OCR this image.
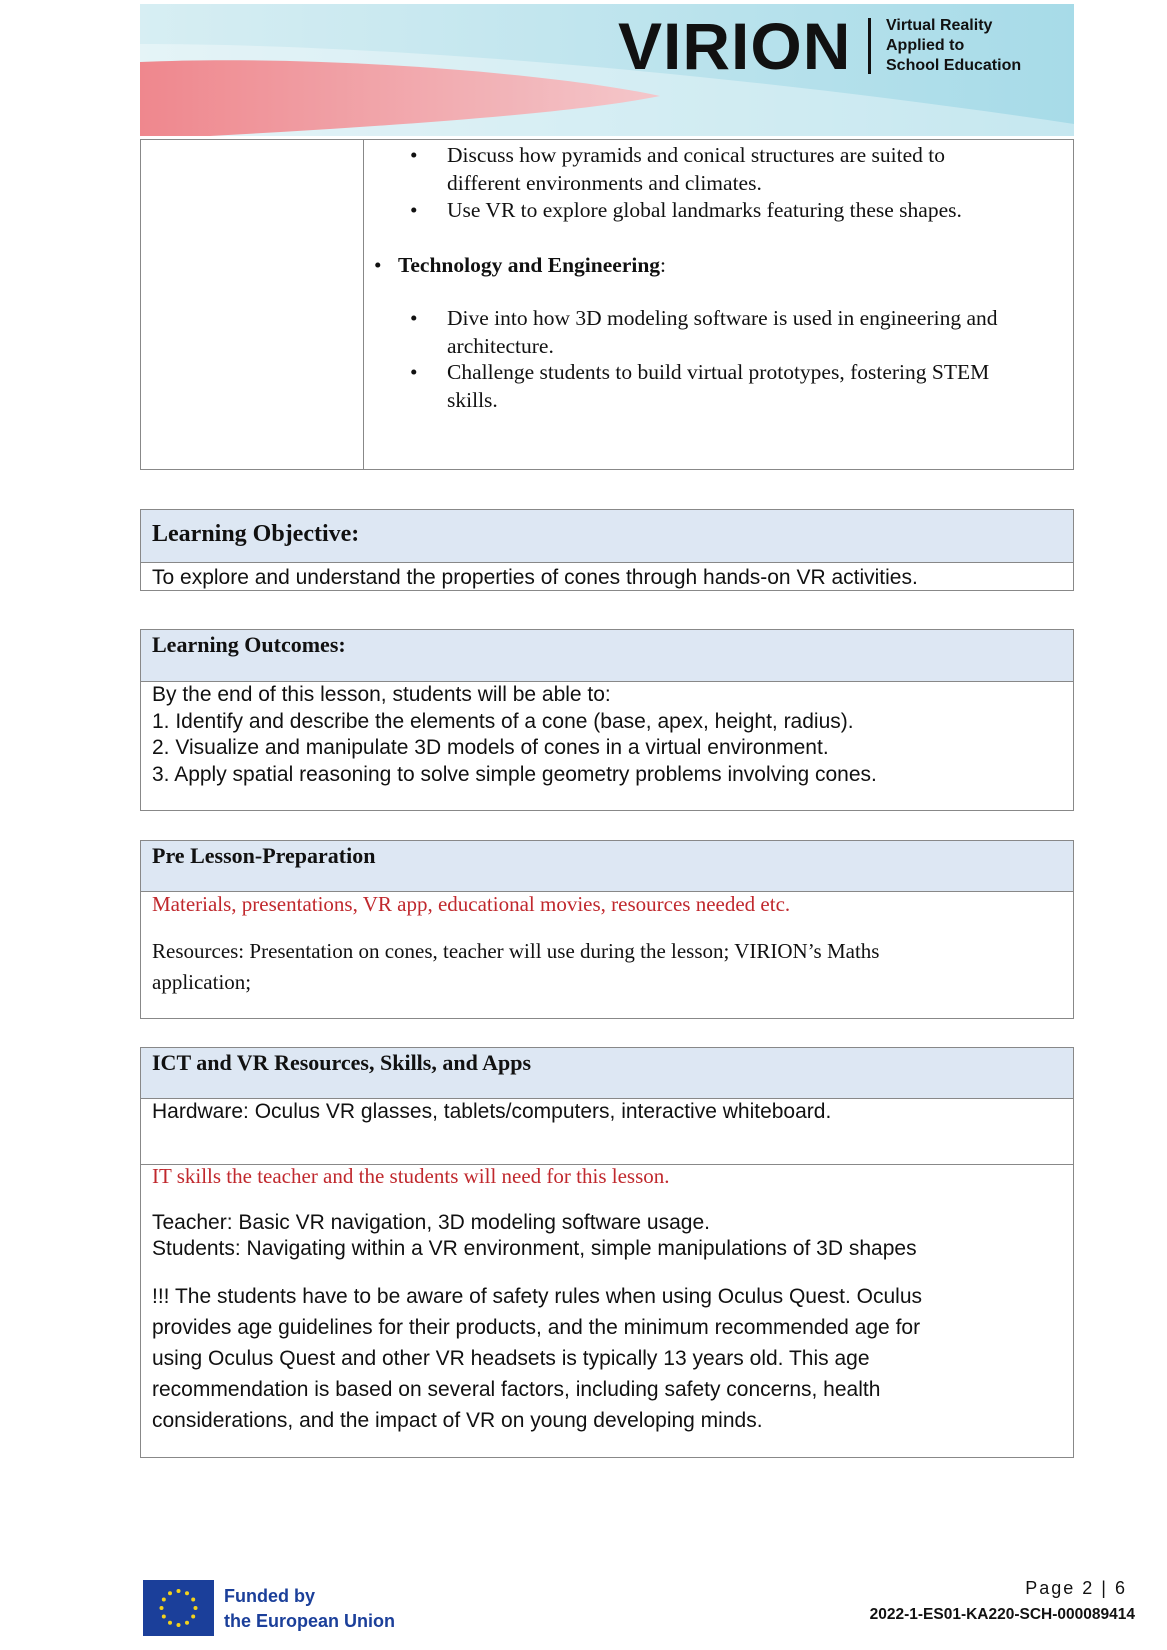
VIRION Virtual Reality
Applied to
School Education
• Discuss how pyramids and conical structures are suited to
different environments and climates.
• Use VR to explore global landmarks featuring these shapes.
• Technology and Engineering:
• Dive into how 3D modeling software is used in engineering and
architecture.
• Challenge students to build virtual prototypes, fostering STEM
skills.
Learning Objective:
To explore and understand the properties of cones through hands-on VR activities.
Learning Outcomes:
By the end of this lesson, students will be able to:
1. Identify and describe the elements of a cone (base, apex, height, radius).
2. Visualize and manipulate 3D models of cones in a virtual environment.
3. Apply spatial reasoning to solve simple geometry problems involving cones.
Pre Lesson-Preparation
Materials, presentations, VR app, educational movies, resources needed etc.
Resources: Presentation on cones, teacher will use during the lesson; VIRION’s Maths
application;
ICT and VR Resources, Skills, and Apps
Hardware: Oculus VR glasses, tablets/computers, interactive whiteboard.
IT skills the teacher and the students will need for this lesson.
Teacher: Basic VR navigation, 3D modeling software usage.
Students: Navigating within a VR environment, simple manipulations of 3D shapes
!!! The students have to be aware of safety rules when using Oculus Quest. Oculus
provides age guidelines for their products, and the minimum recommended age for
using Oculus Quest and other VR headsets is typically 13 years old. This age
recommendation is based on several factors, including safety concerns, health
considerations, and the impact of VR on young developing minds.
Funded by
the European Union
Page 2 | 6
2022-1-ES01-KA220-SCH-000089414
